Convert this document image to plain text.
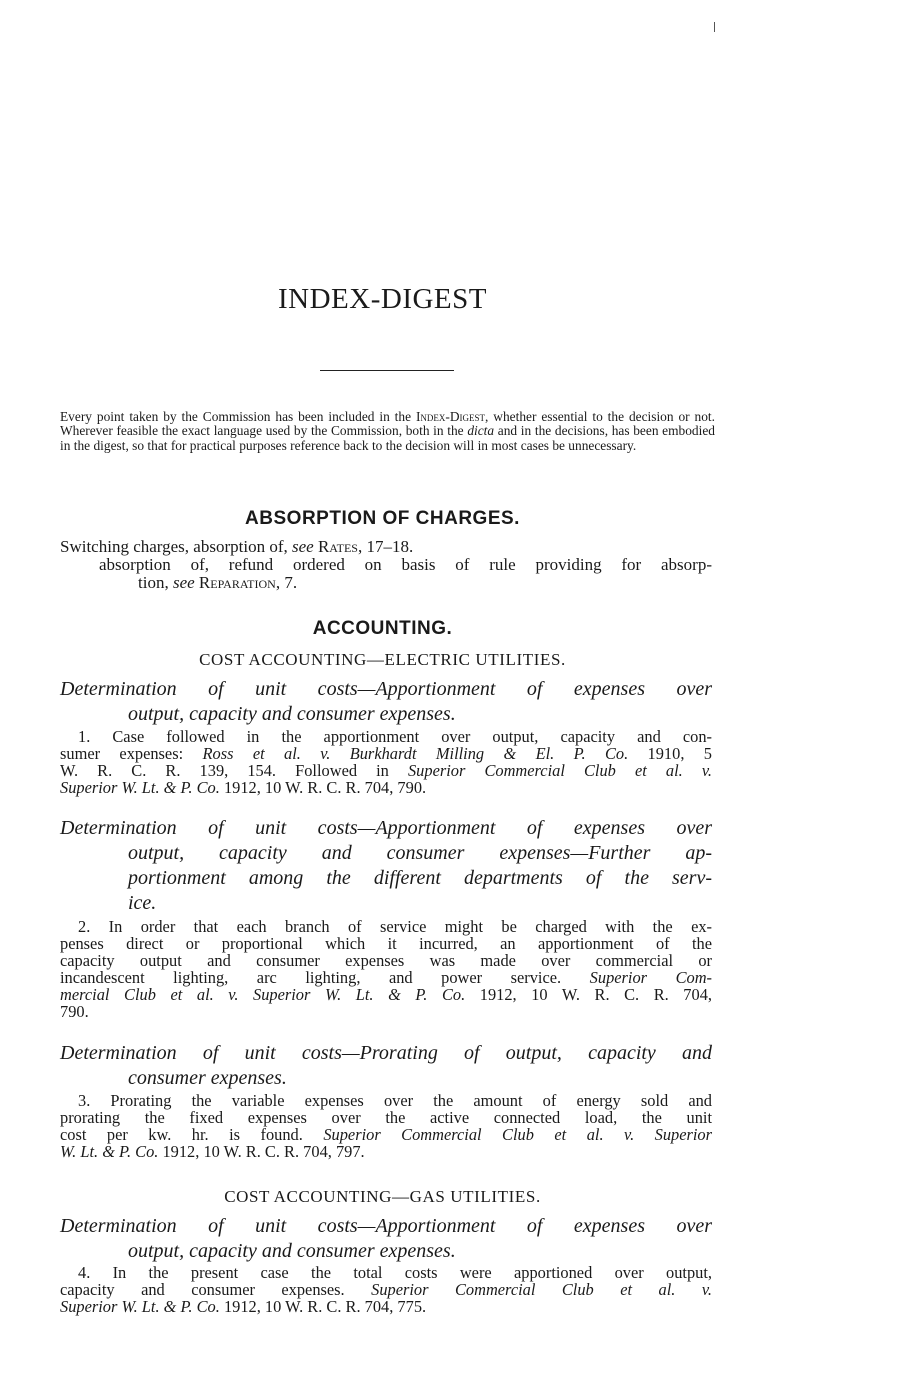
INDEX-DIGEST
Every point taken by the Commission has been included in the Index-Digest, whether essential to the decision or not. Wherever feasible the exact language used by the Commission, both in the dicta and in the decisions, has been embodied in the digest, so that for practical purposes reference back to the decision will in most cases be unnecessary.
ABSORPTION OF CHARGES.
Switching charges, absorption of, see Rates, 17–18.
absorption of, refund ordered on basis of rule providing for absorp-
tion, see Reparation, 7.
ACCOUNTING.
COST ACCOUNTING—ELECTRIC UTILITIES.
Determination of unit costs—Apportionment of expenses over
output, capacity and consumer expenses.
1. Case followed in the apportionment over output, capacity and con-
sumer expenses: Ross et al. v. Burkhardt Milling & El. P. Co. 1910, 5
W. R. C. R. 139, 154. Followed in Superior Commercial Club et al. v.
Superior W. Lt. & P. Co. 1912, 10 W. R. C. R. 704, 790.
Determination of unit costs—Apportionment of expenses over
output, capacity and consumer expenses—Further ap-
portionment among the different departments of the serv-
ice.
2. In order that each branch of service might be charged with the ex-
penses direct or proportional which it incurred, an apportionment of the
capacity output and consumer expenses was made over commercial or
incandescent lighting, arc lighting, and power service. Superior Com-
mercial Club et al. v. Superior W. Lt. & P. Co. 1912, 10 W. R. C. R. 704,
790.
Determination of unit costs—Prorating of output, capacity and
consumer expenses.
3. Prorating the variable expenses over the amount of energy sold and
prorating the fixed expenses over the active connected load, the unit
cost per kw. hr. is found. Superior Commercial Club et al. v. Superior
W. Lt. & P. Co. 1912, 10 W. R. C. R. 704, 797.
COST ACCOUNTING—GAS UTILITIES.
Determination of unit costs—Apportionment of expenses over
output, capacity and consumer expenses.
4. In the present case the total costs were apportioned over output,
capacity and consumer expenses. Superior Commercial Club et al. v.
Superior W. Lt. & P. Co. 1912, 10 W. R. C. R. 704, 775.
